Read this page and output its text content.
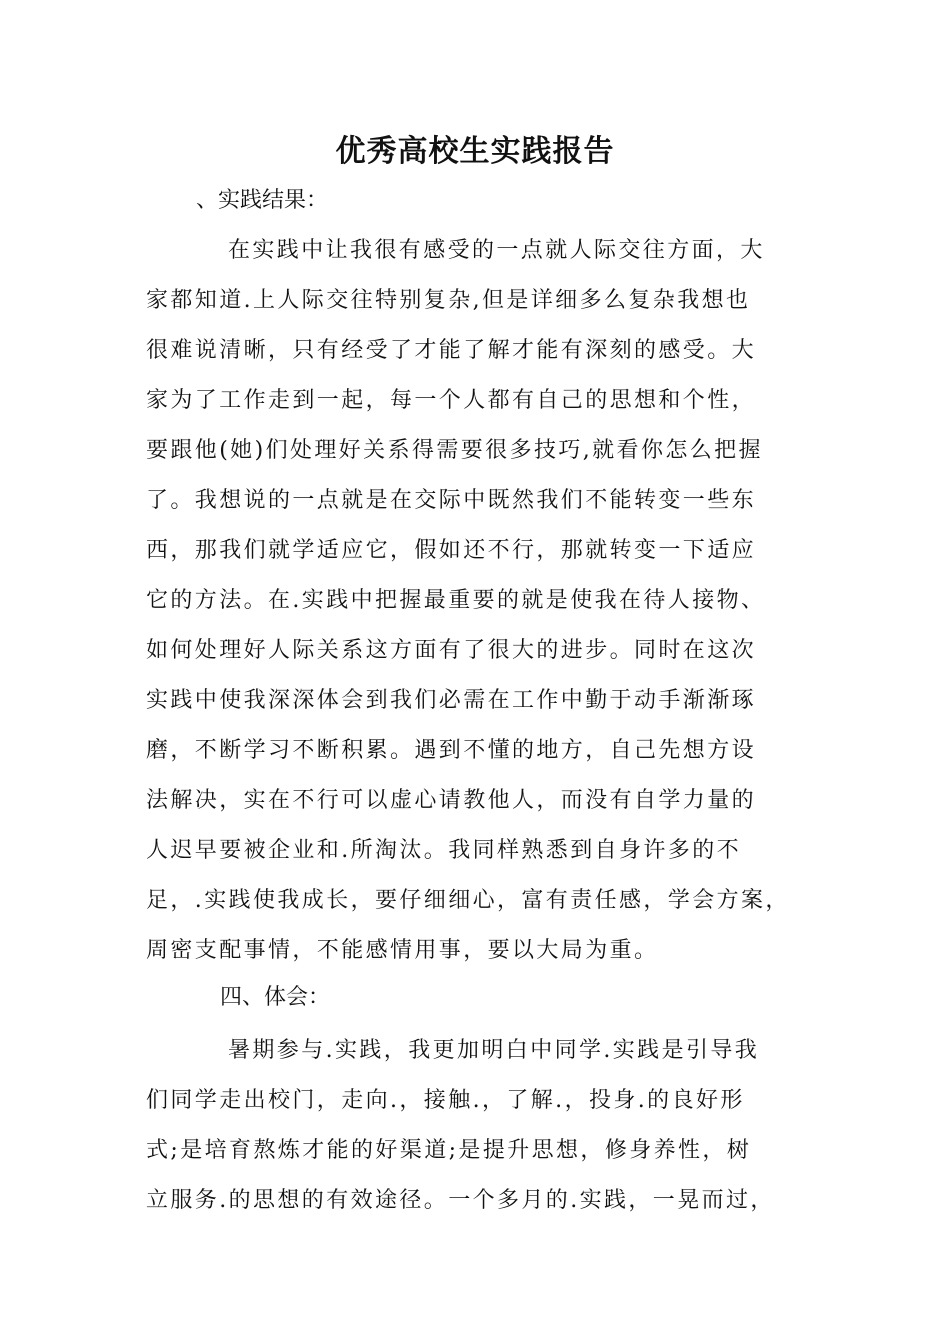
优秀高校生实践报告
、实践结果：

在实践中让我很有感受的一点就人际交往方面，大

家都知道.上人际交往特别复杂,但是详细多么复杂我想也

很难说清晰，只有经受了才能了解才能有深刻的感受。大

家为了工作走到一起，每一个人都有自己的思想和个性，

要跟他(她)们处理好关系得需要很多技巧,就看你怎么把握

了。我想说的一点就是在交际中既然我们不能转变一些东

西，那我们就学适应它，假如还不行，那就转变一下适应

它的方法。在.实践中把握最重要的就是使我在待人接物、

如何处理好人际关系这方面有了很大的进步。同时在这次

实践中使我深深体会到我们必需在工作中勤于动手渐渐琢

磨，不断学习不断积累。遇到不懂的地方，自己先想方设

法解决，实在不行可以虚心请教他人，而没有自学力量的

人迟早要被企业和.所淘汰。我同样熟悉到自身许多的不

足，.实践使我成长，要仔细细心，富有责任感，学会方案，

周密支配事情，不能感情用事，要以大局为重。

四、体会：

暑期参与.实践，我更加明白中同学.实践是引导我

们同学走出校门，走向.，接触.，了解.，投身.的良好形

式;是培育熬炼才能的好渠道;是提升思想，修身养性，树

立服务.的思想的有效途径。一个多月的.实践，一晃而过，
